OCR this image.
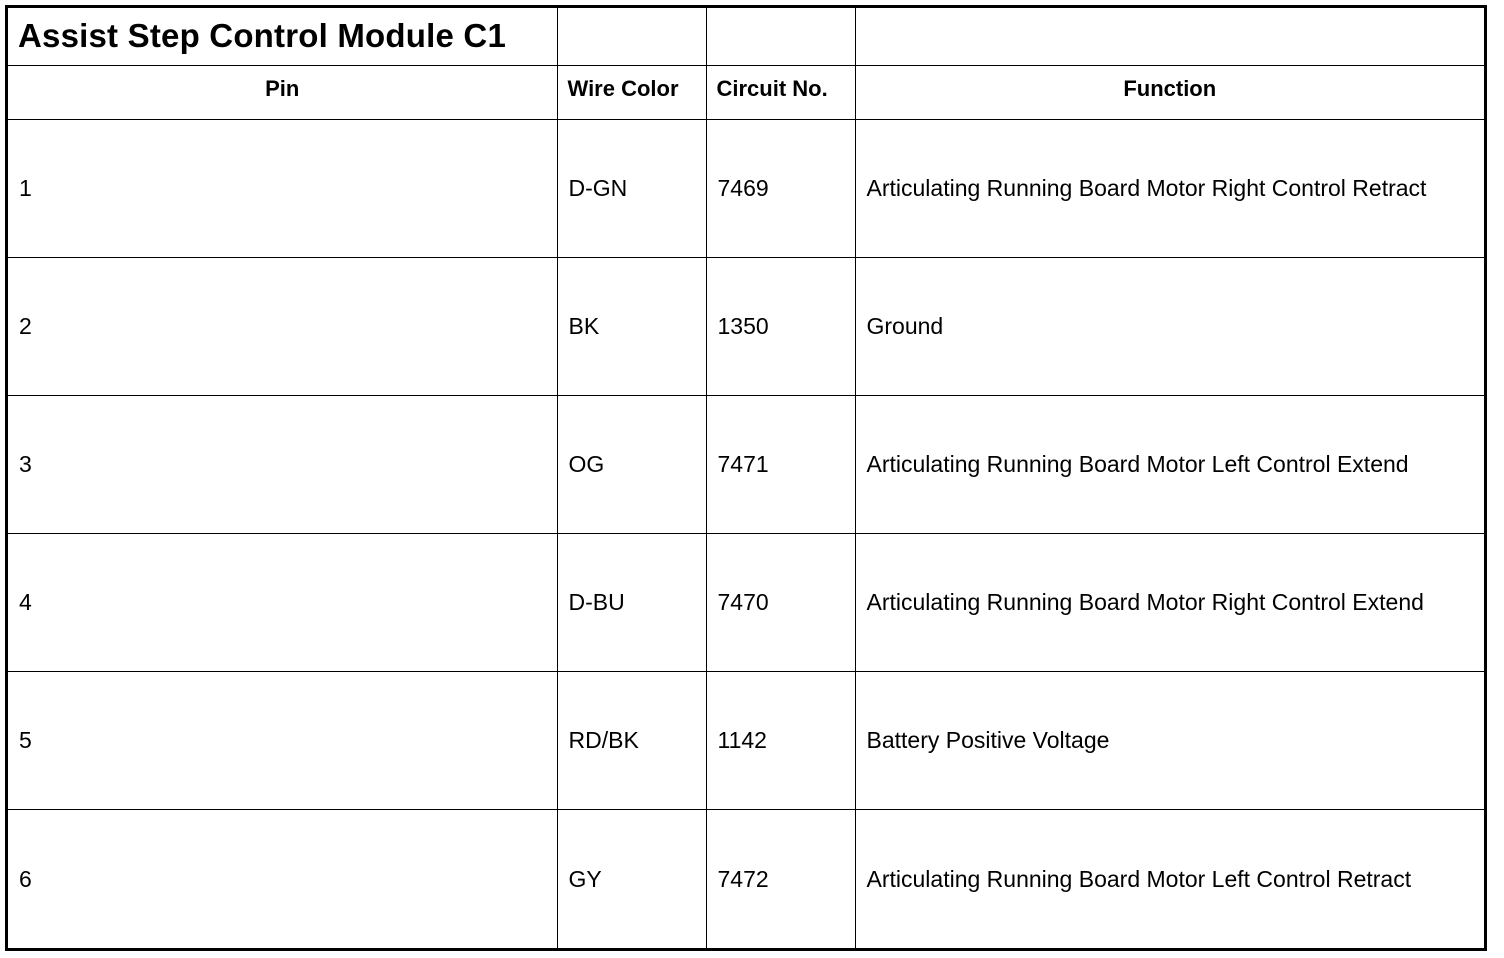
Assist Step Control Module C1			
Pin	Wire Color	Circuit No.	Function
1	D-GN	7469	Articulating Running Board Motor Right Control Retract
2	BK	1350	Ground
3	OG	7471	Articulating Running Board Motor Left Control Extend
4	D-BU	7470	Articulating Running Board Motor Right Control Extend
5	RD/BK	1142	Battery Positive Voltage
6	GY	7472	Articulating Running Board Motor Left Control Retract
